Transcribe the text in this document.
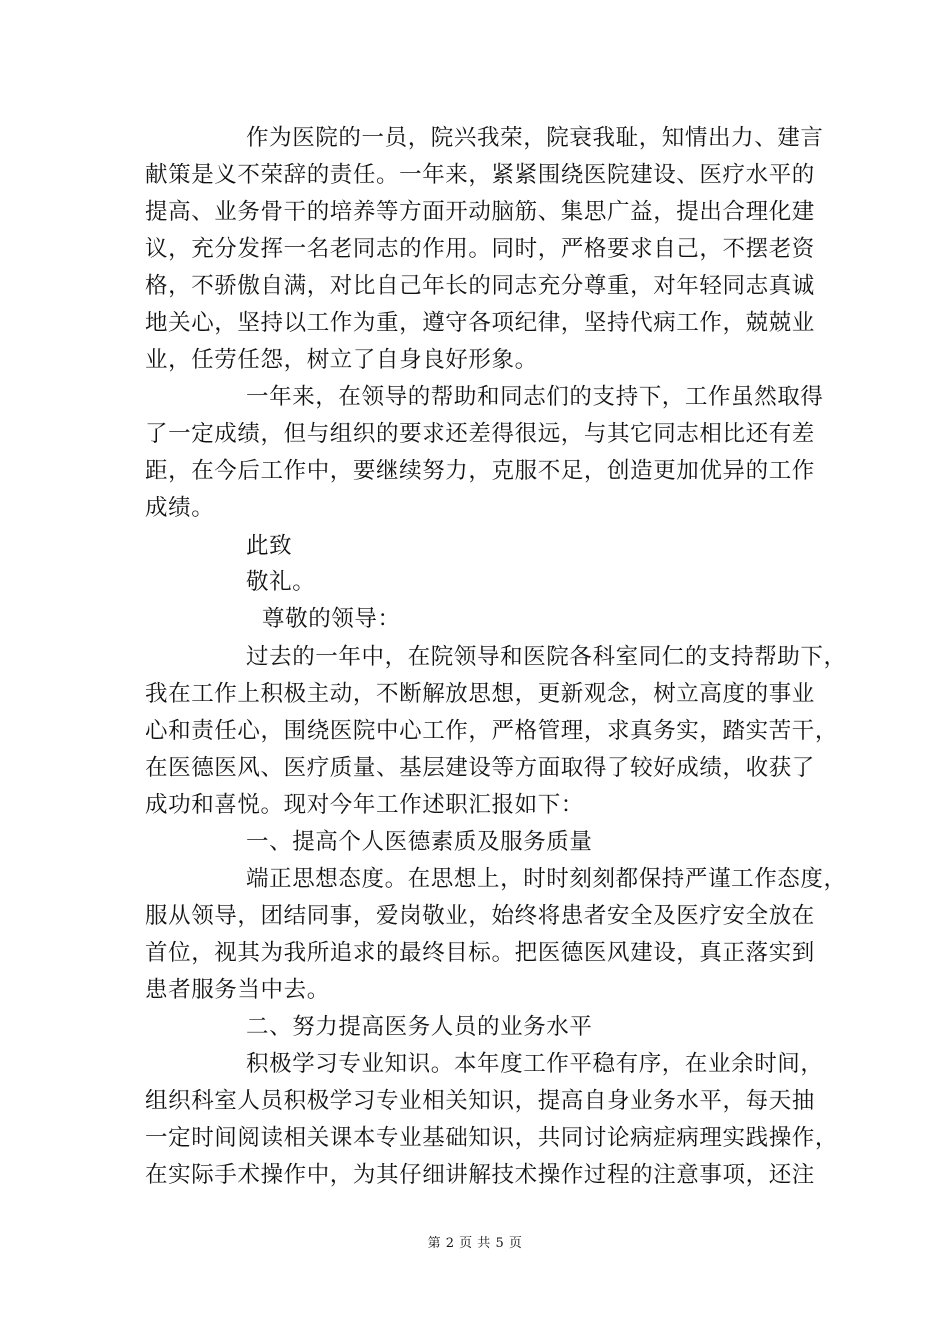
作为医院的一员，院兴我荣，院衰我耻，知情出力、建言
献策是义不荣辞的责任。一年来，紧紧围绕医院建设、医疗水平的
提高、业务骨干的培养等方面开动脑筋、集思广益，提出合理化建
议，充分发挥一名老同志的作用。同时，严格要求自己，不摆老资
格，不骄傲自满，对比自己年长的同志充分尊重，对年轻同志真诚
地关心，坚持以工作为重，遵守各项纪律，坚持代病工作，兢兢业
业，任劳任怨，树立了自身良好形象。
一年来，在领导的帮助和同志们的支持下，工作虽然取得
了一定成绩，但与组织的要求还差得很远，与其它同志相比还有差
距，在今后工作中，要继续努力，克服不足，创造更加优异的工作
成绩。
此致
敬礼。
尊敬的领导：
过去的一年中，在院领导和医院各科室同仁的支持帮助下，
我在工作上积极主动，不断解放思想，更新观念，树立高度的事业
心和责任心，围绕医院中心工作，严格管理，求真务实，踏实苦干，
在医德医风、医疗质量、基层建设等方面取得了较好成绩，收获了
成功和喜悦。现对今年工作述职汇报如下：
一、提高个人医德素质及服务质量
端正思想态度。在思想上，时时刻刻都保持严谨工作态度，
服从领导，团结同事，爱岗敬业，始终将患者安全及医疗安全放在
首位，视其为我所追求的最终目标。把医德医风建设，真正落实到
患者服务当中去。
二、努力提高医务人员的业务水平
积极学习专业知识。本年度工作平稳有序，在业余时间，
组织科室人员积极学习专业相关知识，提高自身业务水平，每天抽
一定时间阅读相关课本专业基础知识，共同讨论病症病理实践操作，
在实际手术操作中，为其仔细讲解技术操作过程的注意事项，还注
第 2 页 共 5 页
